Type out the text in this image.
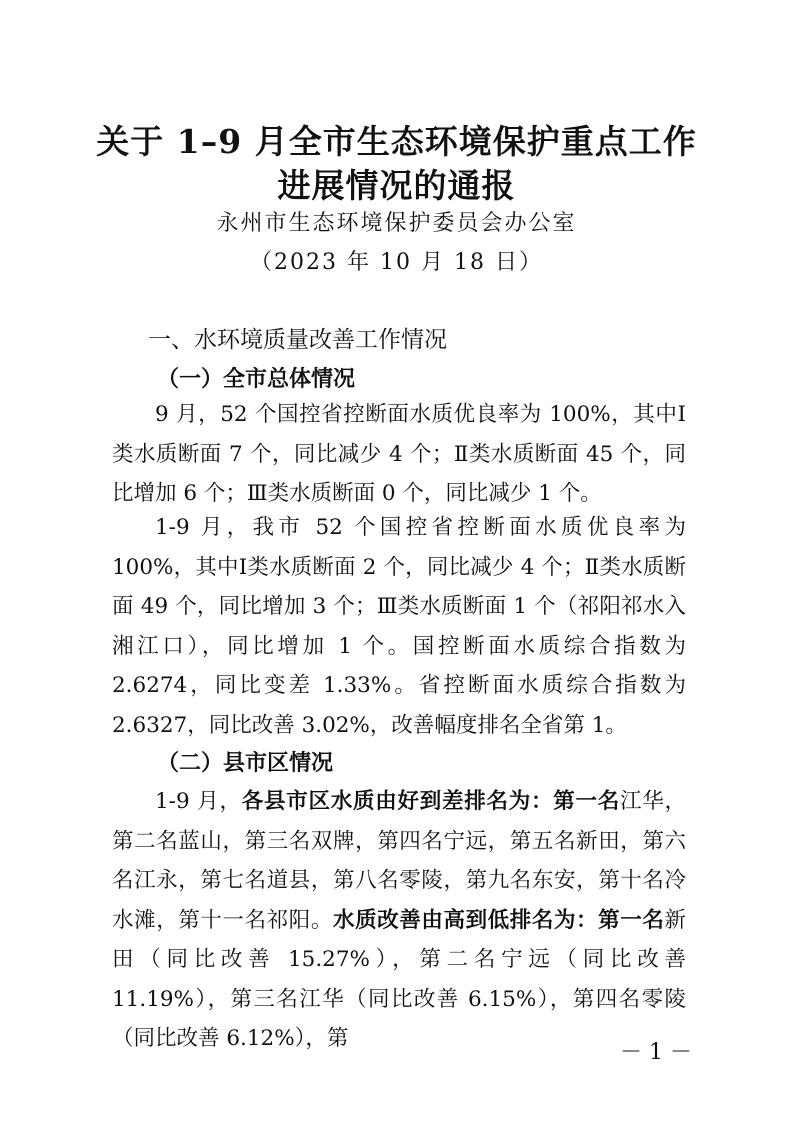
关于 1–9 月全市生态环境保护重点工作
进展情况的通报
永州市生态环境保护委员会办公室
（2023 年 10 月 18 日）
一、水环境质量改善工作情况
（一）全市总体情况

9 月，52 个国控省控断面水质优良率为 100%，其中Ⅰ类水质断面 7 个，同比减少 4 个；Ⅱ类水质断面 45 个，同比增加 6 个；Ⅲ类水质断面 0 个，同比减少 1 个。

1-9 月，我市 52 个国控省控断面水质优良率为 100%，其中Ⅰ类水质断面 2 个，同比减少 4 个；Ⅱ类水质断面 49 个，同比增加 3 个；Ⅲ类水质断面 1 个（祁阳祁水入湘江口），同比增加 1 个。国控断面水质综合指数为 2.6274，同比变差 1.33%。省控断面水质综合指数为 2.6327，同比改善 3.02%，改善幅度排名全省第 1。

（二）县市区情况

1-9 月，各县市区水质由好到差排名为：第一名江华，第二名蓝山，第三名双牌，第四名宁远，第五名新田，第六名江永，第七名道县，第八名零陵，第九名东安，第十名冷水滩，第十一名祁阳。水质改善由高到低排名为：第一名新田（同比改善 15.27%），第二名宁远（同比改善 11.19%），第三名江华（同比改善 6.15%），第四名零陵（同比改善 6.12%），第

－ 1 －
